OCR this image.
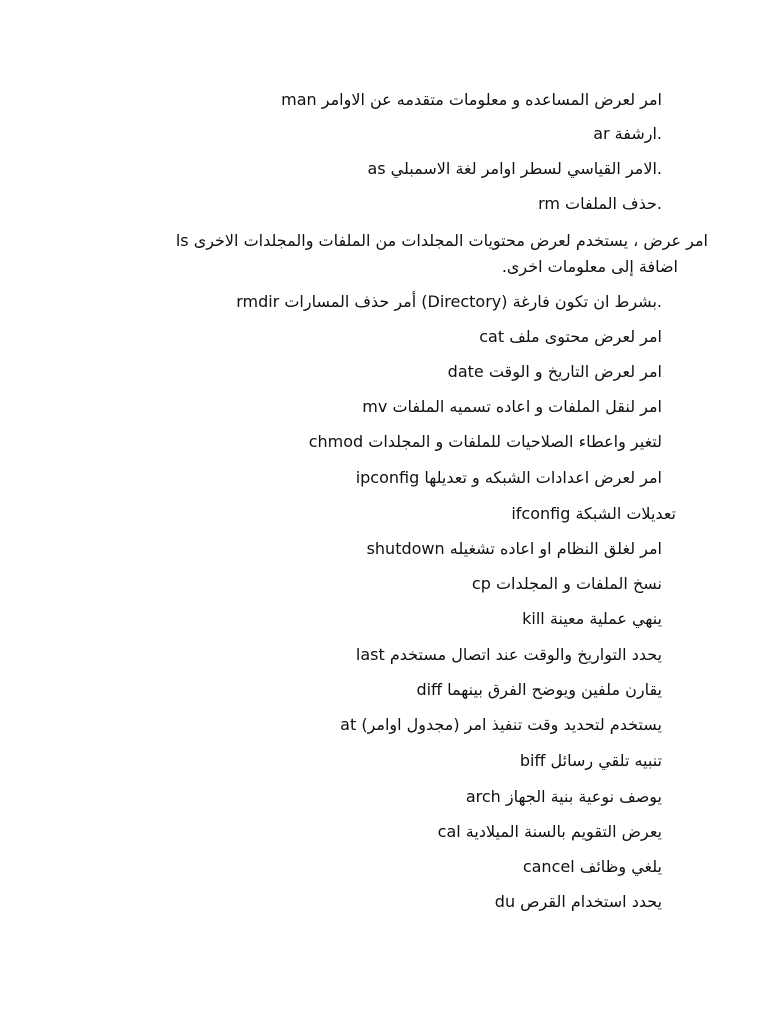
man امر لعرض المساعده و معلومات متقدمه عن الاوامر
ar ارشفة.
as الامر القياسي لسطر اوامر لغة الاسمبلي.
rm حذف الملفات.
ls امر عرض ، يستخدم لعرض محتويات المجلدات من الملفات والمجلدات الاخرى
اضافة إلى معلومات اخرى.
rmdir أمر حذف المسارات (Directory) بشرط ان تكون فارغة.
cat امر لعرض محتوى ملف
date امر لعرض التاريخ و الوقت
mv امر لنقل الملفات و اعاده تسميه الملفات
chmod لتغير واعطاء الصلاحيات للملفات و المجلدات
ipconfig امر لعرض اعدادات الشبكه و تعديلها
ifconfig تعديلات الشبكة
shutdown امر لغلق النظام او اعاده تشغيله
cp نسخ الملفات و المجلدات
kill ينهي عملية معينة
last يحدد التواريخ والوقت عند اتصال مستخدم
diff يقارن ملفين ويوضح الفرق بينهما
at يستخدم لتحديد وقت تنفيذ امر (مجدول اوامر)
biff تنبيه تلقي رسائل
arch يوصف نوعية بنية الجهاز
cal يعرض التقويم بالسنة الميلادية
cancel يلغي وظائف
du يحدد استخدام القرص
